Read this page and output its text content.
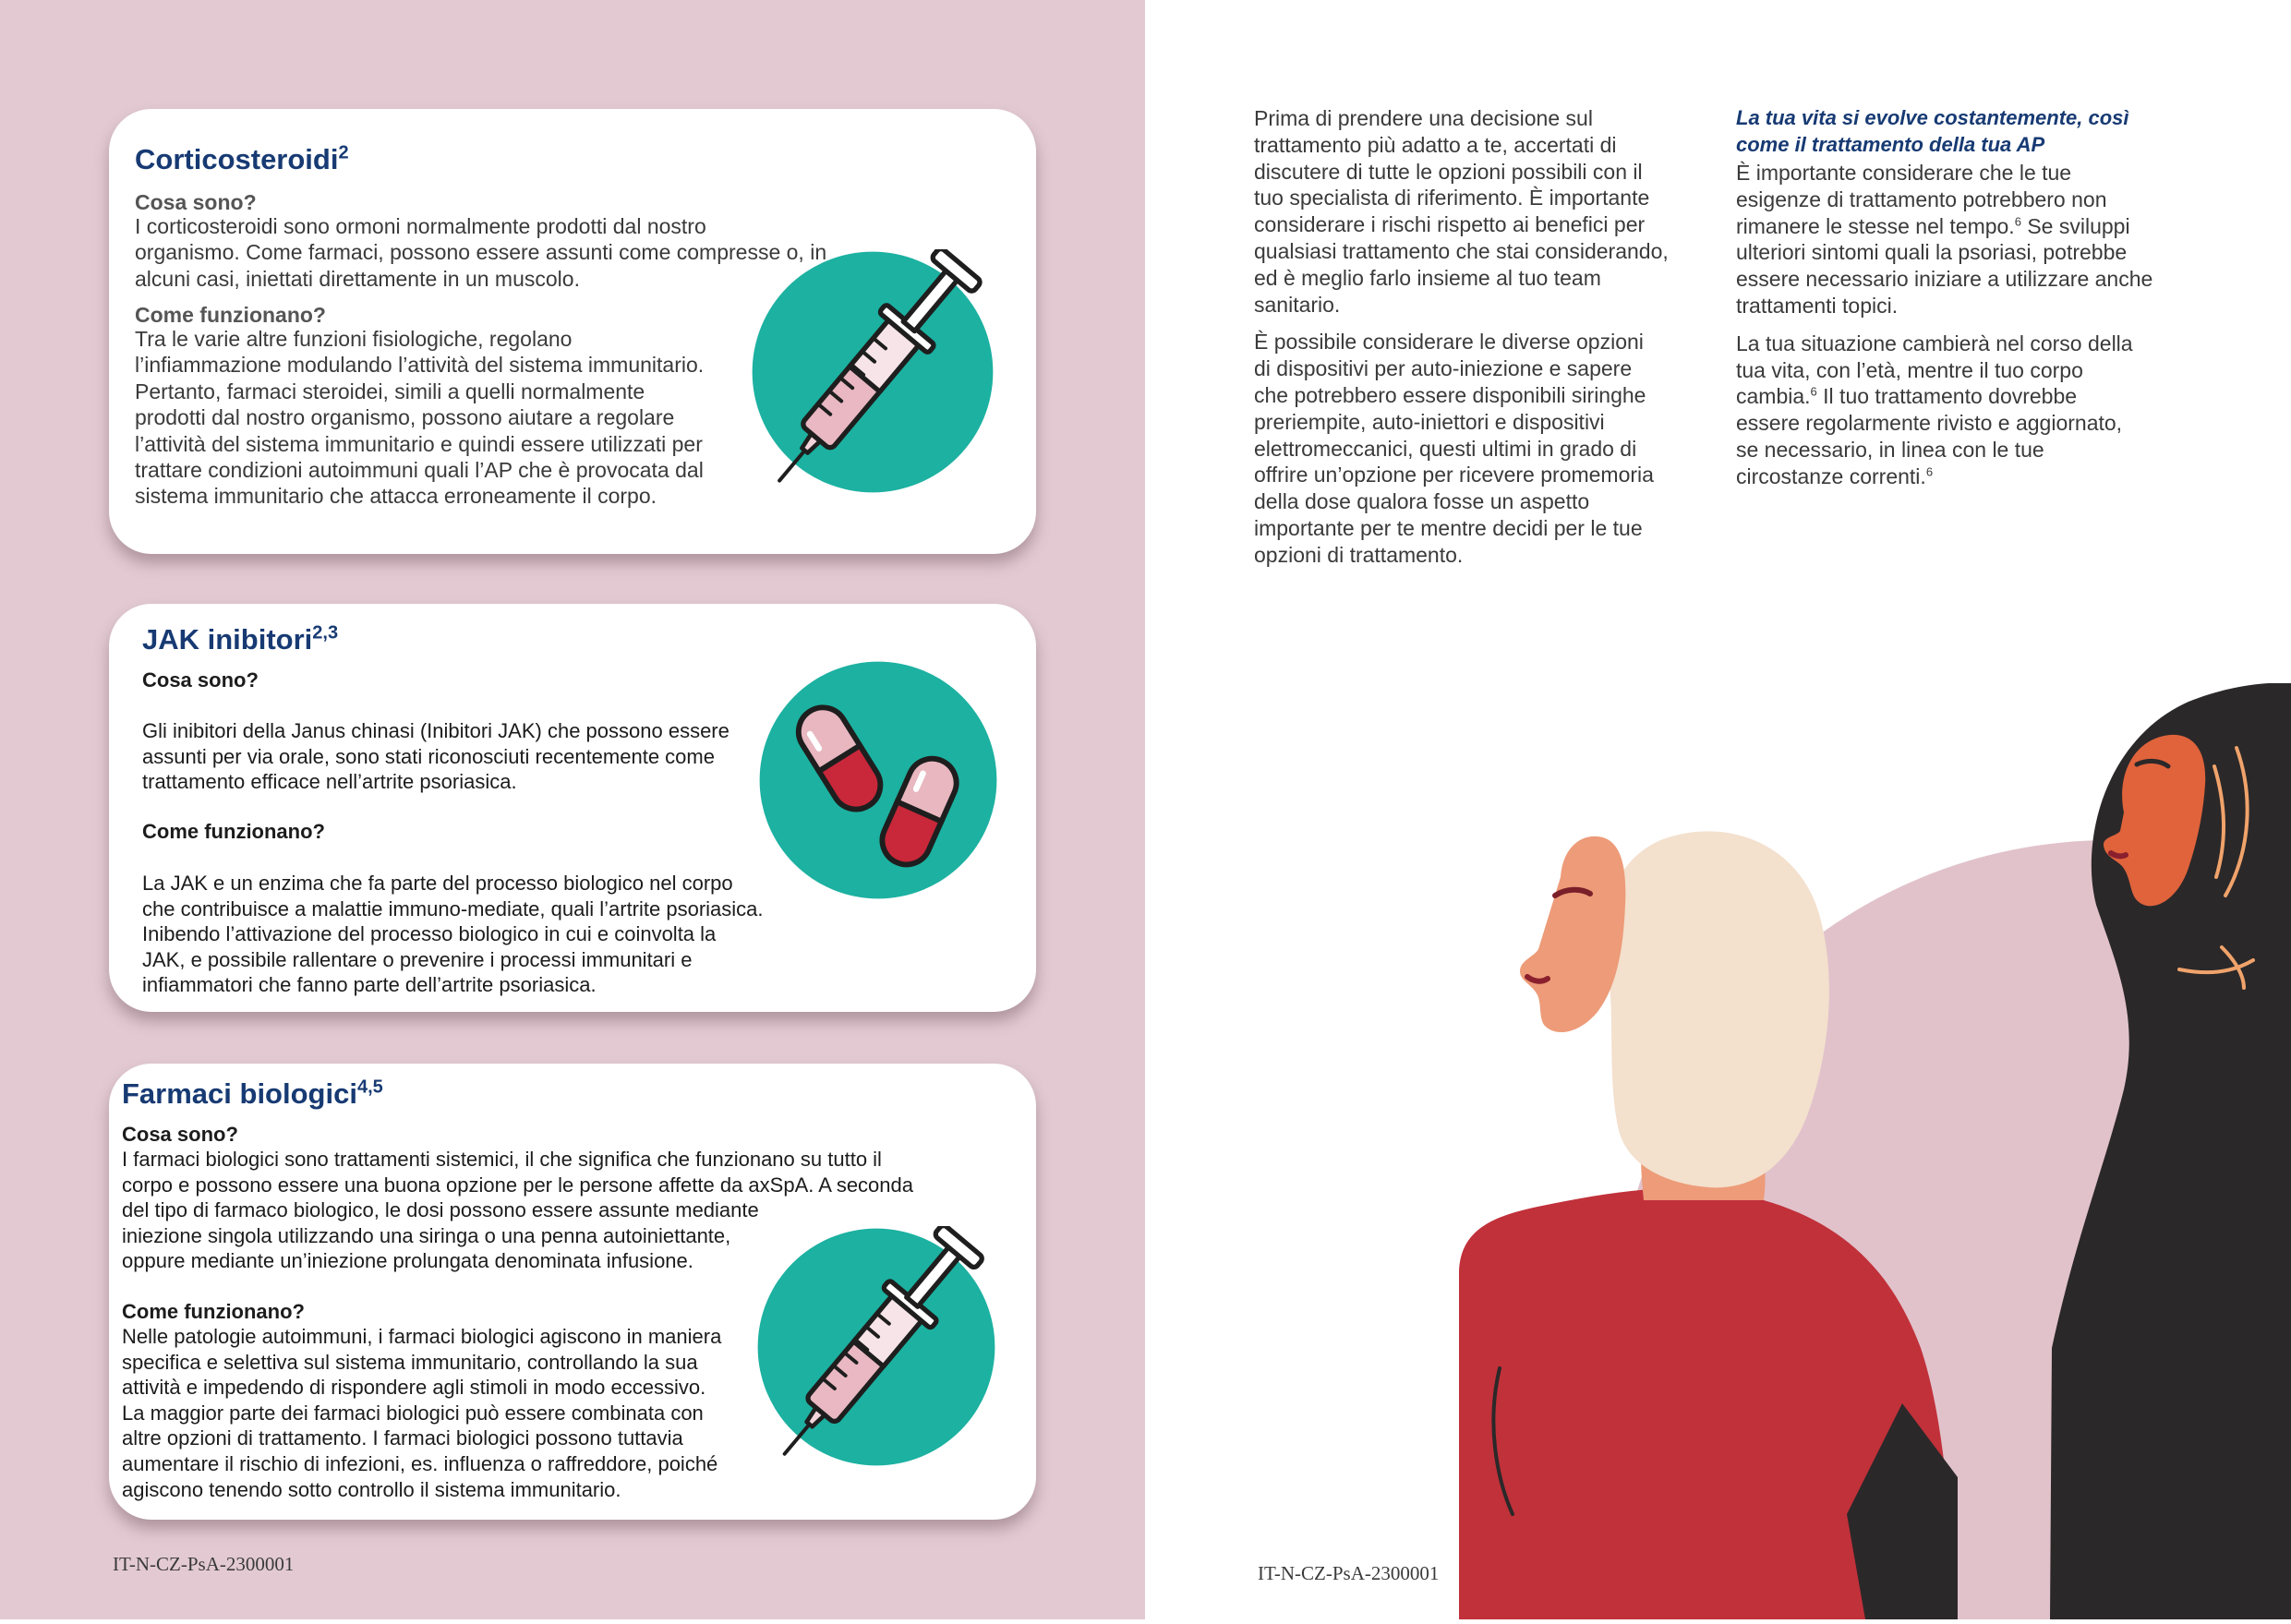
Corticosteroidi$^2$
Cosa sono?
I corticosteroidi sono ormoni normalmente prodotti dal nostro
organismo. Come farmaci, possono essere assunti come compresse o, in
alcuni casi, iniettati direttamente in un muscolo.
Come funzionano?
Tra le varie altre funzioni fisiologiche, regolano
l’infiammazione modulando l’attività del sistema immunitario.
Pertanto, farmaci steroidei, simili a quelli normalmente
prodotti dal nostro organismo, possono aiutare a regolare
l’attività del sistema immunitario e quindi essere utilizzati per
trattare condizioni autoimmuni quali l’AP che è provocata dal
sistema immunitario che attacca erroneamente il corpo.
JAK inibitori$^{2,3}$
Cosa sono?
Gli inibitori della Janus chinasi (Inibitori JAK) che possono essere
assunti per via orale, sono stati riconosciuti recentemente come
trattamento efficace nell’artrite psoriasica.
Come funzionano?
La JAK e un enzima che fa parte del processo biologico nel corpo
che contribuisce a malattie immuno-mediate, quali l’artrite psoriasica.
Inibendo l’attivazione del processo biologico in cui e coinvolta la
JAK, e possibile rallentare o prevenire i processi immunitari e
infiammatori che fanno parte dell’artrite psoriasica.
Farmaci biologici$^{4,5}$
Cosa sono?
I farmaci biologici sono trattamenti sistemici, il che significa che funzionano su tutto il
corpo e possono essere una buona opzione per le persone affette da axSpA. A seconda
del tipo di farmaco biologico, le dosi possono essere assunte mediante
iniezione singola utilizzando una siringa o una penna autoiniettante,
oppure mediante un’iniezione prolungata denominata infusione.
Come funzionano?
Nelle patologie autoimmuni, i farmaci biologici agiscono in maniera
specifica e selettiva sul sistema immunitario, controllando la sua
attività e impedendo di rispondere agli stimoli in modo eccessivo.
La maggior parte dei farmaci biologici può essere combinata con
altre opzioni di trattamento. I farmaci biologici possono tuttavia
aumentare il rischio di infezioni, es. influenza o raffreddore, poiché
agiscono tenendo sotto controllo il sistema immunitario.
IT-N-CZ-PsA-2300001

Prima di prendere una decisione sul
trattamento più adatto a te, accertati di
discutere di tutte le opzioni possibili con il
tuo specialista di riferimento. È importante
considerare i rischi rispetto ai benefici per
qualsiasi trattamento che stai considerando,
ed è meglio farlo insieme al tuo team
sanitario.

È possibile considerare le diverse opzioni
di dispositivi per auto-iniezione e sapere
che potrebbero essere disponibili siringhe
preriempite, auto-iniettori e dispositivi
elettromeccanici, questi ultimi in grado di
offrire un’opzione per ricevere promemoria
della dose qualora fosse un aspetto
importante per te mentre decidi per le tue
opzioni di trattamento.

La tua vita si evolve costantemente, così
come il trattamento della tua AP

È importante considerare che le tue
esigenze di trattamento potrebbero non
rimanere le stesse nel tempo.$^6$ Se sviluppi
ulteriori sintomi quali la psoriasi, potrebbe
essere necessario iniziare a utilizzare anche
trattamenti topici.

La tua situazione cambierà nel corso della
tua vita, con l’età, mentre il tuo corpo
cambia.$^6$ Il tuo trattamento dovrebbe
essere regolarmente rivisto e aggiornato,
se necessario, in linea con le tue
circostanze correnti.$^6$

IT-N-CZ-PsA-2300001
